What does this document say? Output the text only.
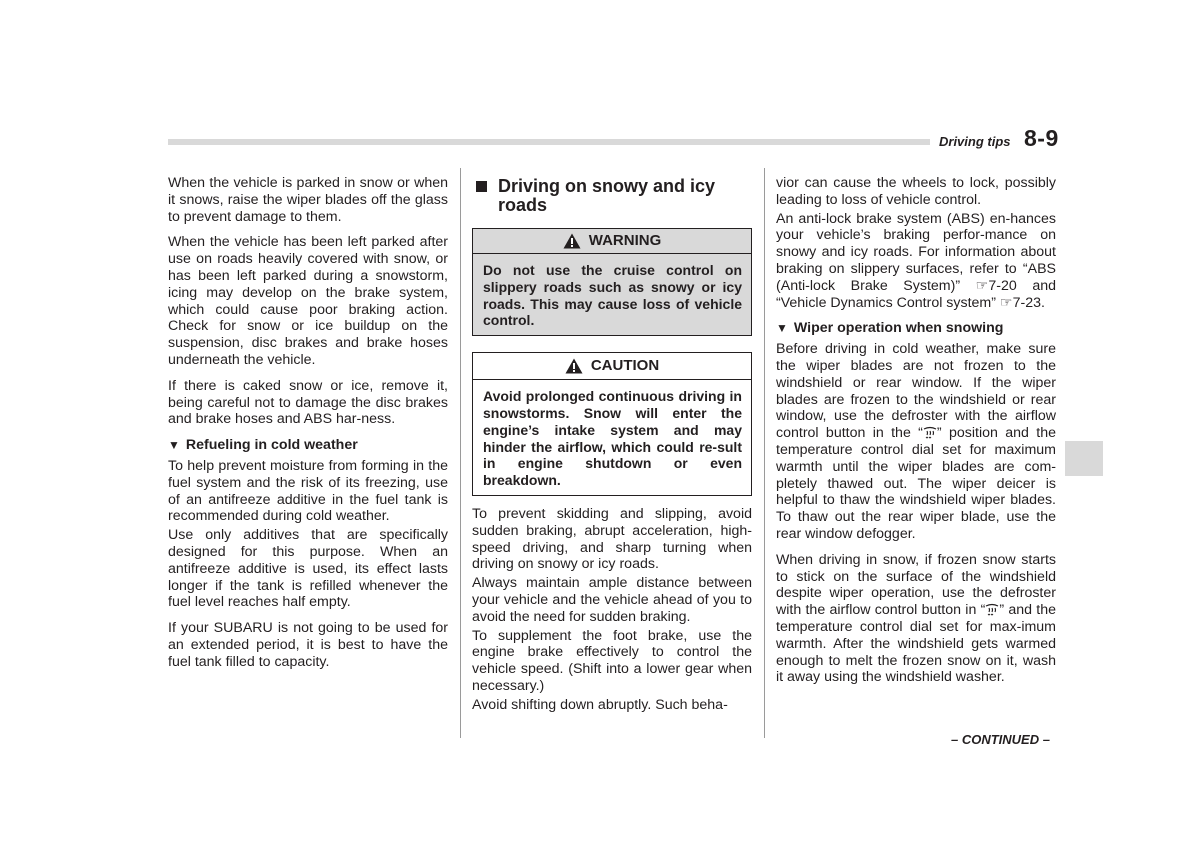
Driving tips 8-9

When the vehicle is parked in snow or when it snows, raise the wiper blades off the glass to prevent damage to them.

When the vehicle has been left parked after use on roads heavily covered with snow, or has been left parked during a snowstorm, icing may develop on the brake system, which could cause poor braking action. Check for snow or ice buildup on the suspension, disc brakes and brake hoses underneath the vehicle.

If there is caked snow or ice, remove it, being careful not to damage the disc brakes and brake hoses and ABS har-ness.

▼ Refueling in cold weather

To help prevent moisture from forming in the fuel system and the risk of its freezing, use of an antifreeze additive in the fuel tank is recommended during cold weather.

Use only additives that are specifically designed for this purpose. When an antifreeze additive is used, its effect lasts longer if the tank is refilled whenever the fuel level reaches half empty.

If your SUBARU is not going to be used for an extended period, it is best to have the fuel tank filled to capacity.

Driving on snowy and icy roads
WARNING
Do not use the cruise control on slippery roads such as snowy or icy roads. This may cause loss of vehicle control.
CAUTION
Avoid prolonged continuous driving in snowstorms. Snow will enter the engine’s intake system and may hinder the airflow, which could re-sult in engine shutdown or even breakdown.

To prevent skidding and slipping, avoid sudden braking, abrupt acceleration, high-speed driving, and sharp turning when driving on snowy or icy roads.

Always maintain ample distance between your vehicle and the vehicle ahead of you to avoid the need for sudden braking.

To supplement the foot brake, use the engine brake effectively to control the vehicle speed. (Shift into a lower gear when necessary.)

Avoid shifting down abruptly. Such beha-

vior can cause the wheels to lock, possibly leading to loss of vehicle control.

An anti-lock brake system (ABS) en-hances your vehicle’s braking perfor-mance on snowy and icy roads. For information about braking on slippery surfaces, refer to “ABS (Anti-lock Brake System)” ☞7-20 and “Vehicle Dynamics Control system” ☞7-23.

▼ Wiper operation when snowing

Before driving in cold weather, make sure the wiper blades are not frozen to the windshield or rear window. If the wiper blades are frozen to the windshield or rear window, use the defroster with the airflow control button in the “ ” position and the temperature control dial set for maximum warmth until the wiper blades are com-pletely thawed out. The wiper deicer is helpful to thaw the windshield wiper blades. To thaw out the rear wiper blade, use the rear window defogger.

When driving in snow, if frozen snow starts to stick on the surface of the windshield despite wiper operation, use the defroster with the airflow control button in “ ” and the temperature control dial set for max-imum warmth. After the windshield gets warmed enough to melt the frozen snow on it, wash it away using the windshield washer.

– CONTINUED –
